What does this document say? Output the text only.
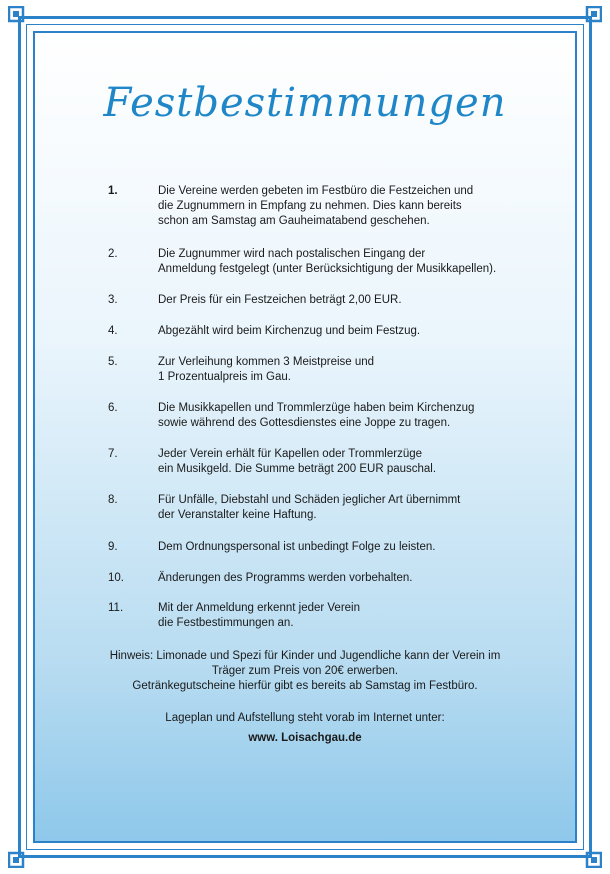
Festbestimmungen
1.	Die Vereine werden gebeten im Festbüro die Festzeichen und
die Zugnummern in Empfang zu nehmen. Dies kann bereits
schon am Samstag am Gauheimatabend geschehen.
2.	Die Zugnummer wird nach postalischen Eingang der
Anmeldung festgelegt (unter Berücksichtigung der Musikkapellen).
3.	Der Preis für ein Festzeichen beträgt 2,00 EUR.
4.	Abgezählt wird beim Kirchenzug und beim Festzug.
5.	Zur Verleihung kommen 3 Meistpreise und
1 Prozentualpreis im Gau.
6.	Die Musikkapellen und Trommlerzüge haben beim Kirchenzug
sowie während des Gottesdienstes eine Joppe zu tragen.
7.	Jeder Verein erhält für Kapellen oder Trommlerzüge
ein Musikgeld. Die Summe beträgt 200 EUR pauschal.
8.	Für Unfälle, Diebstahl und Schäden jeglicher Art übernimmt
der Veranstalter keine Haftung.
9.	Dem Ordnungspersonal ist unbedingt Folge zu leisten.
10.	Änderungen des Programms werden vorbehalten.
11.	Mit der Anmeldung erkennt jeder Verein
die Festbestimmungen an.
Hinweis: Limonade und Spezi für Kinder und Jugendliche kann der Verein im
Träger zum Preis von 20€ erwerben.
Getränkegutscheine hierfür gibt es bereits ab Samstag im Festbüro.
Lageplan und Aufstellung steht vorab im Internet unter:
www. Loisachgau.de
